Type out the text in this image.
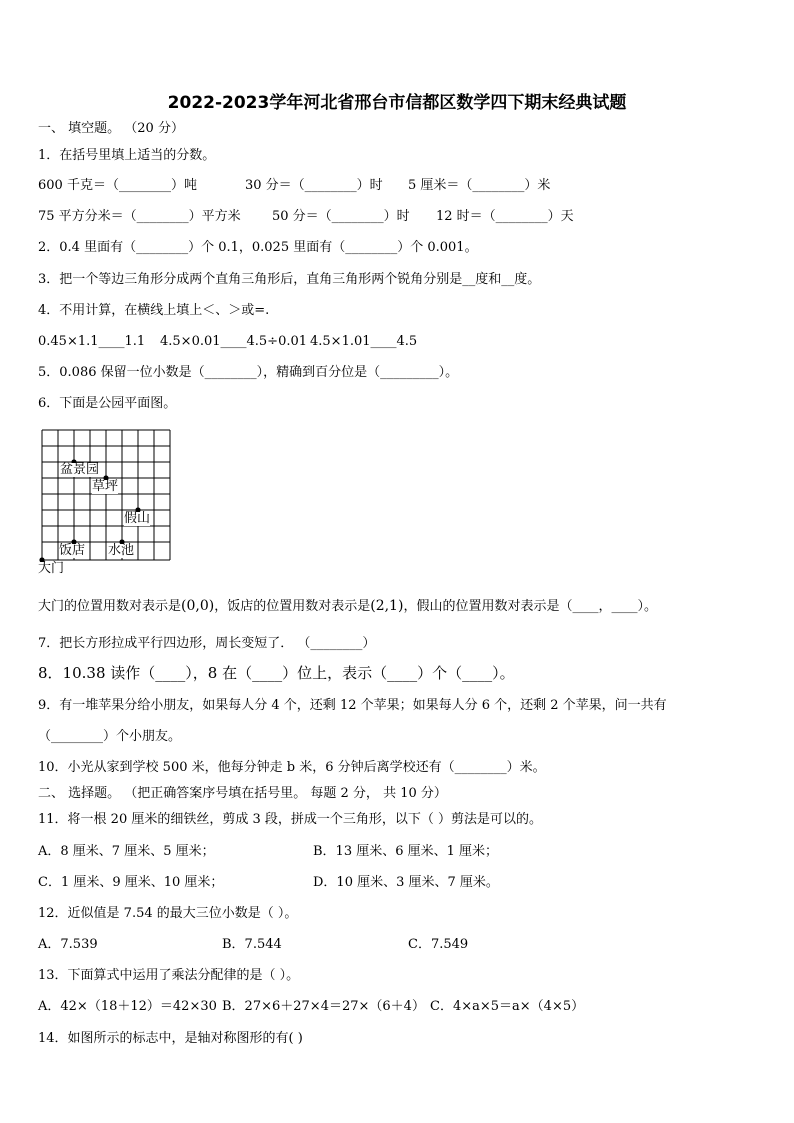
2022-2023学年河北省邢台市信都区数学四下期末经典试题
一、 填空题。 （20 分）
1．在括号里填上适当的分数。
600 千克＝（________）吨	30 分＝（________）时 5 厘米＝（________）米
75 平方分米＝（________）平方米 50 分＝（________）时 12 时＝（________）天
2．0.4 里面有（________）个 0.1，0.025 里面有（________）个 0.001。
3．把一个等边三角形分成两个直角三角形后，直角三角形两个锐角分别是__度和__度。
4．不用计算，在横线上填上＜、＞或=.
0.45×1.1____1.1 4.5×0.01____4.5÷0.01 4.5×1.01____4.5
5．0.086 保留一位小数是（________），精确到百分位是（_________）。
6．下面是公园平面图。
盆景园
草坪
假山
饭店 水池
大门
大门的位置用数对表示是(0,0)，饭店的位置用数对表示是(2,1)，假山的位置用数对表示是（____，____）。
7．把长方形拉成平行四边形，周长变短了． （________）
8．10.38 读作（____），8 在（____）位上，表示（____）个（____）。
9．有一堆苹果分给小朋友，如果每人分 4 个，还剩 12 个苹果；如果每人分 6 个，还剩 2 个苹果，问一共有
（________）个小朋友。
10．小光从家到学校 500 米，他每分钟走 b 米，6 分钟后离学校还有（________）米。
二、 选择题。 （把正确答案序号填在括号里。 每题 2 分， 共 10 分）
11．将一根 20 厘米的细铁丝，剪成 3 段，拼成一个三角形，以下（ ）剪法是可以的。
A．8 厘米、7 厘米、5 厘米；	B．13 厘米、6 厘米、1 厘米；
C．1 厘米、9 厘米、10 厘米；	D．10 厘米、3 厘米、7 厘米。
12．近似值是 7.54 的最大三位小数是（ ）。
A．7.539	B．7.544	C．7.549
13．下面算式中运用了乘法分配律的是（ ）。
A．42×（18＋12）＝42×30 B．27×6＋27×4＝27×（6＋4） C．4×a×5＝a×（4×5）
14．如图所示的标志中，是轴对称图形的有( )
